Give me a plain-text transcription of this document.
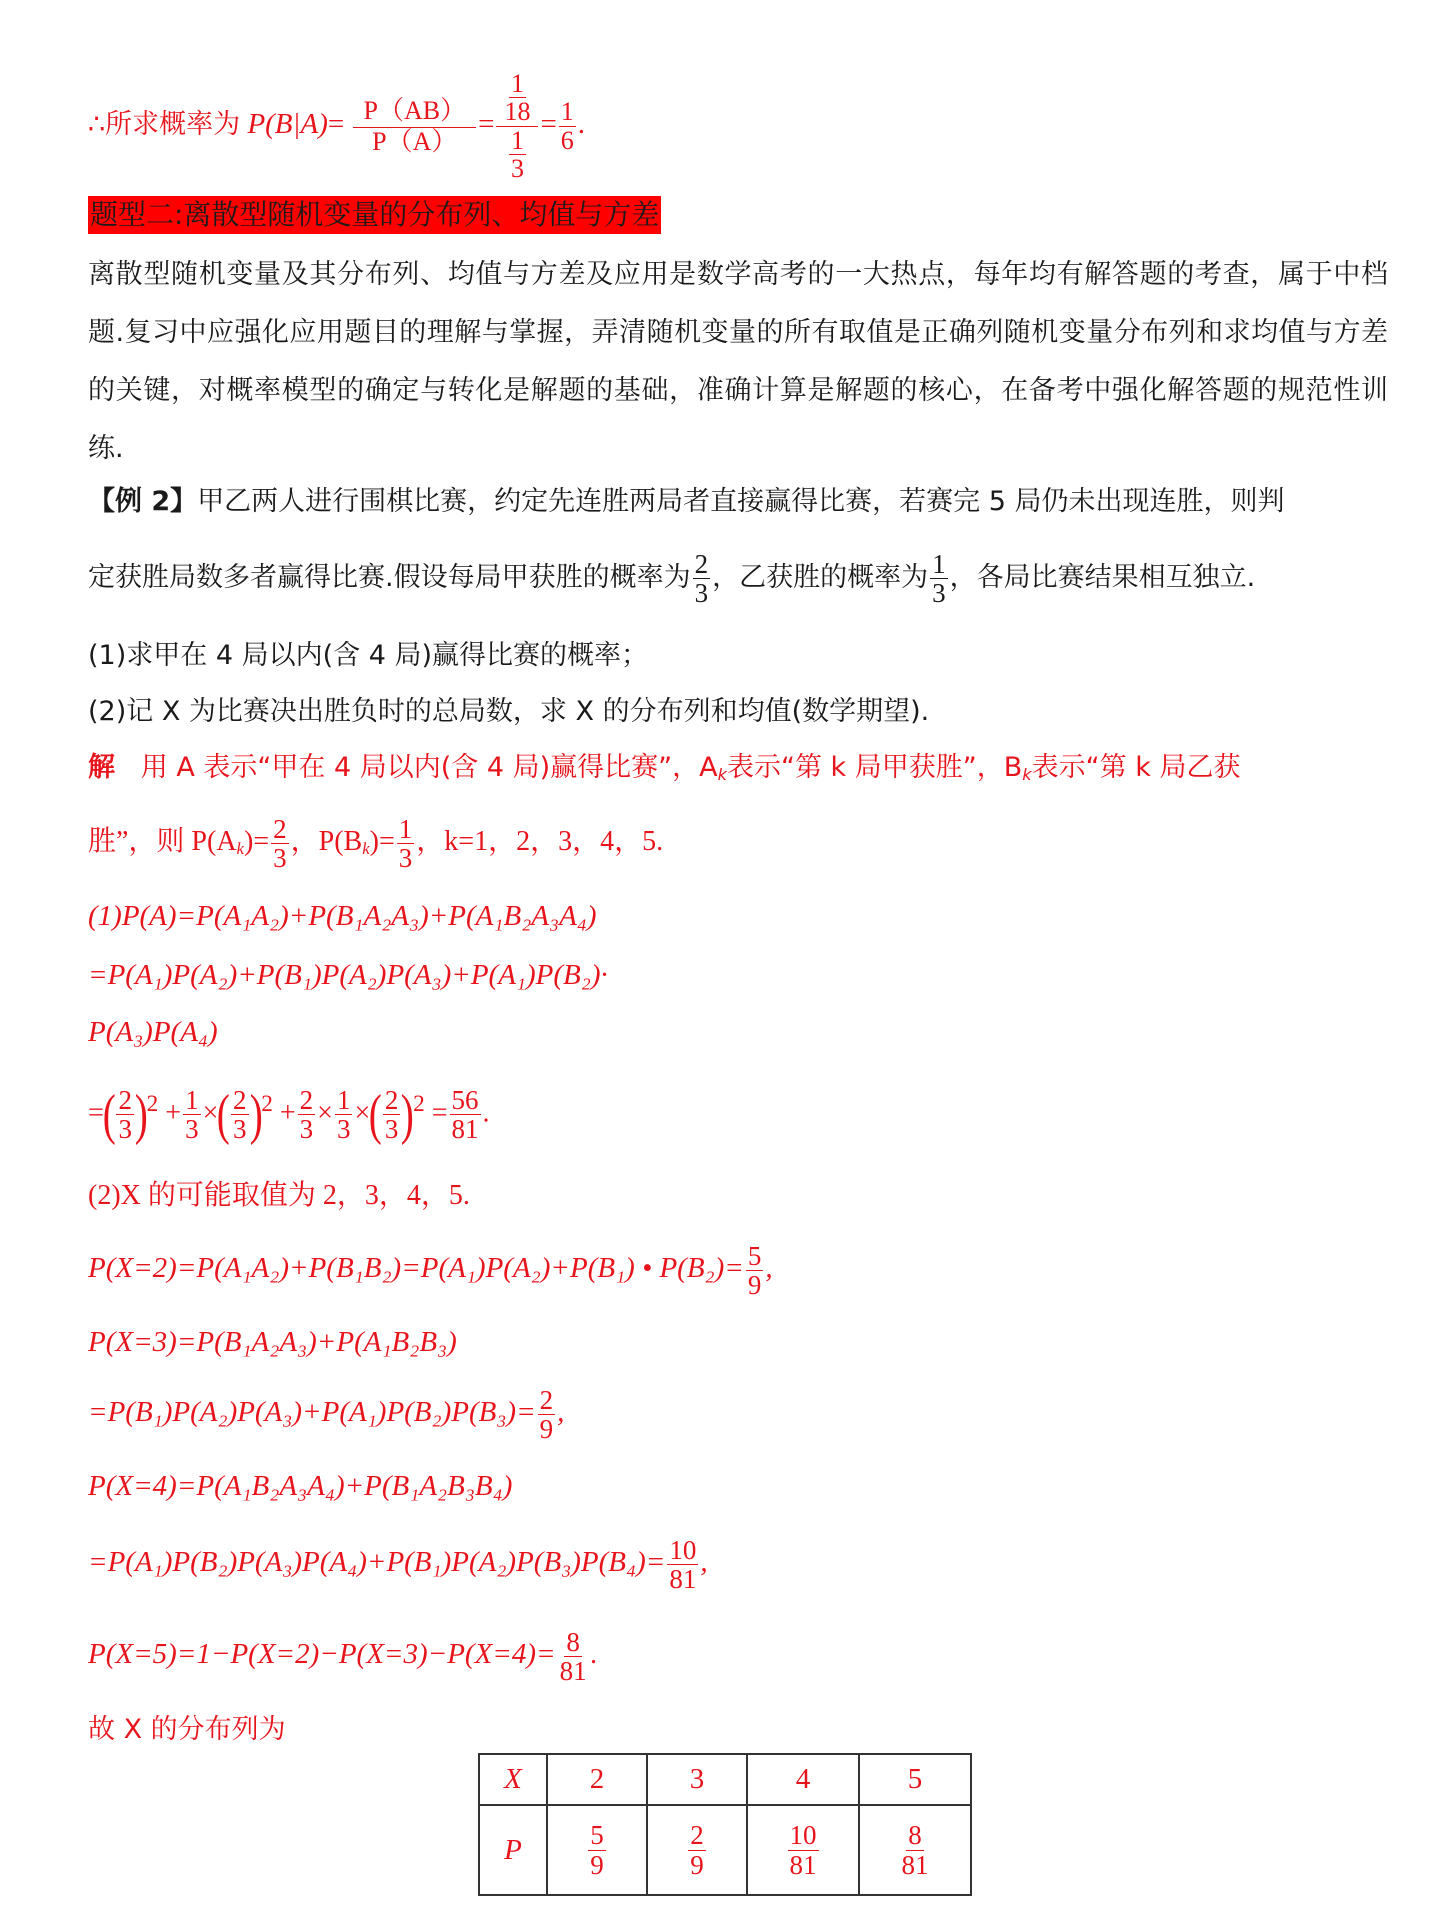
∴所求概率为 $P(B|A)= \frac{P(AB)}{P(A)} = \frac{\frac{1}{18}}{\frac{1}{3}} = \frac{1}{6}$ .
题型二:离散型随机变量的分布列、均值与方差
离散型随机变量及其分布列、均值与方差及应用是数学高考的一大热点，每年均有解答题的考查，属于中档题.复习中应强化应用题目的理解与掌握，弄清随机变量的所有取值是正确列随机变量分布列和求均值与方差的关键，对概率模型的确定与转化是解题的基础，准确计算是解题的核心，在备考中强化解答题的规范性训练.
【例 2】甲乙两人进行围棋比赛，约定先连胜两局者直接赢得比赛，若赛完 5 局仍未出现连胜，则判
定获胜局数多者赢得比赛.假设每局甲获胜的概率为 $\frac{2}{3}$ ，乙获胜的概率为 $\frac{1}{3}$ ，各局比赛结果相互独立.
(1)求甲在 4 局以内(含 4 局)赢得比赛的概率；
(2)记 X 为比赛决出胜负时的总局数，求 X 的分布列和均值(数学期望).
解 用 A 表示“甲在 4 局以内(含 4 局)赢得比赛”，$A_k$表示“第 k 局甲获胜”，$B_k$表示“第 k 局乙获
胜”，则 $P(A_k)= \frac{2}{3}$ ，$P(B_k)= \frac{1}{3}$ ，k=1，2，3，4，5.
(1)P(A)=P(A₁A₂)+P(B₁A₂A₃)+P(A₁B₂A₃A₄)
=P(A₁)P(A₂)+P(B₁)P(A₂)P(A₃)+P(A₁)P(B₂)·
P(A₃)P(A₄)
=( $\frac{2}{3} )^2 + \frac{1}{3}$ ×( $\frac{2}{3} )^2 + \frac{2}{3} \times \frac{1}{3}$ ×( $\frac{2}{3} )^2 = \frac{56}{81}$ .
(2)X 的可能取值为 2，3，4，5.
P(X=2)=P(A₁A₂)+P(B₁B₂)=P(A₁)P(A₂)+P(B₁) • $P(B_2)= \frac{5}{9}$ ,
P(X=3)=P(B₁A₂A₃)+P(A₁B₂B₃)
$=P(B_1)P(A_2)P(A_3)+P(A_1)P(B_2)P(B_3)= \frac{2}{9}$ ,
P(X=4)=P(A₁B₂A₃A₄)+P(B₁A₂B₃B₄)
$=P(A_1)P(B_2)P(A_3)P(A_4)+P(B_1)P(A_2)P(B_3)P(B_4)= \frac{10}{81}$ ,
$P(X=5)=1-P(X=2)-P(X=3)-P(X=4)= \frac{8}{81}$ .
故 X 的分布列为
X	2	3	4	5
P	$\frac{5}{9}$	$\frac{2}{9}$	$\frac{10}{81}$	$\frac{8}{81}$
